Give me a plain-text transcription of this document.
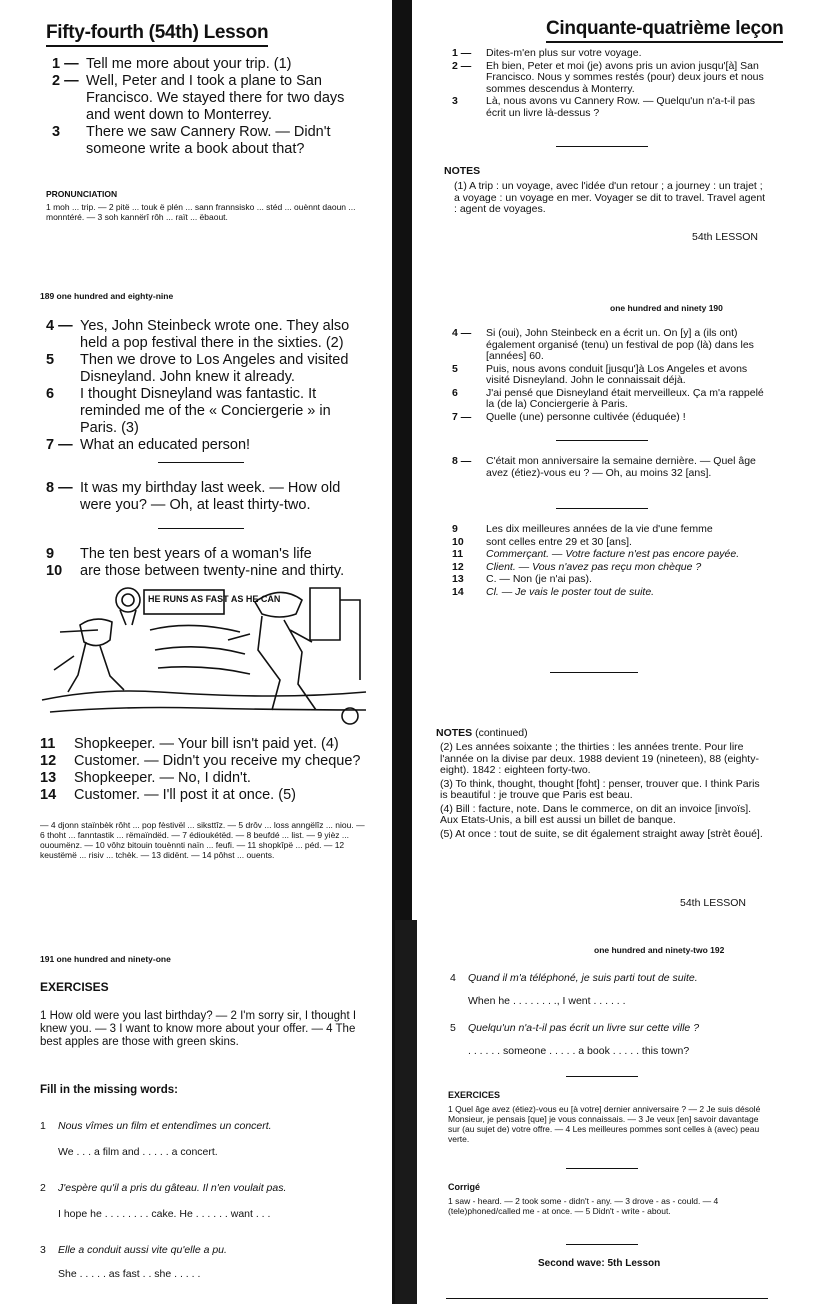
Fifty-fourth (54th) Lesson
1 — Tell me more about your trip. (1)
2 — Well, Peter and I took a plane to San Francisco. We stayed there for two days and went down to Monterrey.
3	There we saw Cannery Row. — Didn't someone write a book about that?
PRONUNCIATION
1 moh ... trip. — 2 pitë ... touk ë plén ... sann frannsisko ... stéd ... ouènnt daoun ... monntéré. — 3 soh kannërî rôh ... raït ... ëbaout.
189 one hundred and eighty-nine
4 — Yes, John Steinbeck wrote one. They also held a pop festival there in the sixties. (2)
5	Then we drove to Los Angeles and visited Disneyland. John knew it already.
6	I thought Disneyland was fantastic. It reminded me of the « Conciergerie » in Paris. (3)
7 — What an educated person!
8 — It was my birthday last week. — How old were you? — Oh, at least thirty-two.
9	The ten best years of a woman's life
10	are those between twenty-nine and thirty.
HE RUNS AS FAST AS HE CAN
11	Shopkeeper. — Your bill isn't paid yet. (4)
12	Customer. — Didn't you receive my cheque?
13	Shopkeeper. — No, I didn't.
14	Customer. — I'll post it at once. (5)
— 4 djonn staïnbèk rôht ... pop fèstivël ... siksttîz. — 5 drôv ... loss anngëlîz ... niou. — 6 thoht ... fanntastik ... rëmaïndëd. — 7 édioukétëd. — 8 beufdé ... list. — 9 yièz ... ououmënz. — 10 vôhz bitouin touènnti naïn ... feufi. — 11 shopkîpë ... péd. — 12 keustëmë ... risiv ... tchèk. — 13 didënt. — 14 pôhst ... ouents.
191 one hundred and ninety-one
EXERCISES
1 How old were you last birthday? — 2 I'm sorry sir, I thought I knew you. — 3 I want to know more about your offer. — 4 The best apples are those with green skins.
Fill in the missing words:
1 Nous vîmes un film et entendîmes un concert.
We . . . a film and . . . . . a concert.
2 J'espère qu'il a pris du gâteau. Il n'en voulait pas.
I hope he . . . . . . . . cake. He . . . . . . want . . .
3 Elle a conduit aussi vite qu'elle a pu.
She . . . . . as fast . . she . . . . .
Cinquante-quatrième leçon
1 —	Dites-m'en plus sur votre voyage.
2 —	Eh bien, Peter et moi (je) avons pris un avion jusqu'[à] San Francisco. Nous y sommes restés (pour) deux jours et nous sommes descendus à Monterry.
3	Là, nous avons vu Cannery Row. — Quelqu'un n'a-t-il pas écrit un livre là-dessus ?
NOTES
(1) A trip : un voyage, avec l'idée d'un retour ; a journey : un trajet ; a voyage : un voyage en mer. Voyager se dit to travel. Travel agent : agent de voyages.
54th LESSON
one hundred and ninety 190
4 —	Si (oui), John Steinbeck en a écrit un. On [y] a (ils ont) également organisé (tenu) un festival de pop (là) dans les [années] 60.
5	Puis, nous avons conduit [jusqu']à Los Angeles et avons visité Disneyland. John le connaissait déjà.
6	J'ai pensé que Disneyland était merveilleux. Ça m'a rappelé la (de la) Conciergerie à Paris.
7 —	Quelle (une) personne cultivée (éduquée) !
8 —	C'était mon anniversaire la semaine dernière. — Quel âge avez (étiez)-vous eu ? — Oh, au moins 32 [ans].
9	Les dix meilleures années de la vie d'une femme
10	sont celles entre 29 et 30 [ans].
11	Commerçant. — Votre facture n'est pas encore payée.
12	Client. — Vous n'avez pas reçu mon chèque ?
13	C. — Non (je n'ai pas).
14	Cl. — Je vais le poster tout de suite.
NOTES (continued)
(2) Les années soixante ; the thirties : les années trente. Pour lire l'année on la divise par deux. 1988 devient 19 (nineteen), 88 (eighty-eight). 1842 : eighteen forty-two.
(3) To think, thought, thought [foht] : penser, trouver que. I think Paris is beautiful : je trouve que Paris est beau.
(4) Bill : facture, note. Dans le commerce, on dit an invoice [invoïs]. Aux Etats-Unis, a bill est aussi un billet de banque.
(5) At once : tout de suite, se dit également straight away [strèt êoué].
54th LESSON
one hundred and ninety-two 192
4 Quand il m'a téléphoné, je suis parti tout de suite.
When he . . . . . . . ., I went . . . . . .
5 Quelqu'un n'a-t-il pas écrit un livre sur cette ville ?
. . . . . . someone . . . . . a book . . . . . this town?
EXERCICES
1 Quel âge avez (étiez)-vous eu [à votre] dernier anniversaire ? — 2 Je suis désolé Monsieur, je pensais [que] je vous connaissais. — 3 Je veux [en] savoir davantage sur (au sujet de) votre offre. — 4 Les meilleures pommes sont celles à (avec) peau verte.
Corrigé
1 saw - heard. — 2 took some - didn't - any. — 3 drove - as - could. — 4 (tele)phoned/called me - at once. — 5 Didn't - write - about.
Second wave: 5th Lesson
